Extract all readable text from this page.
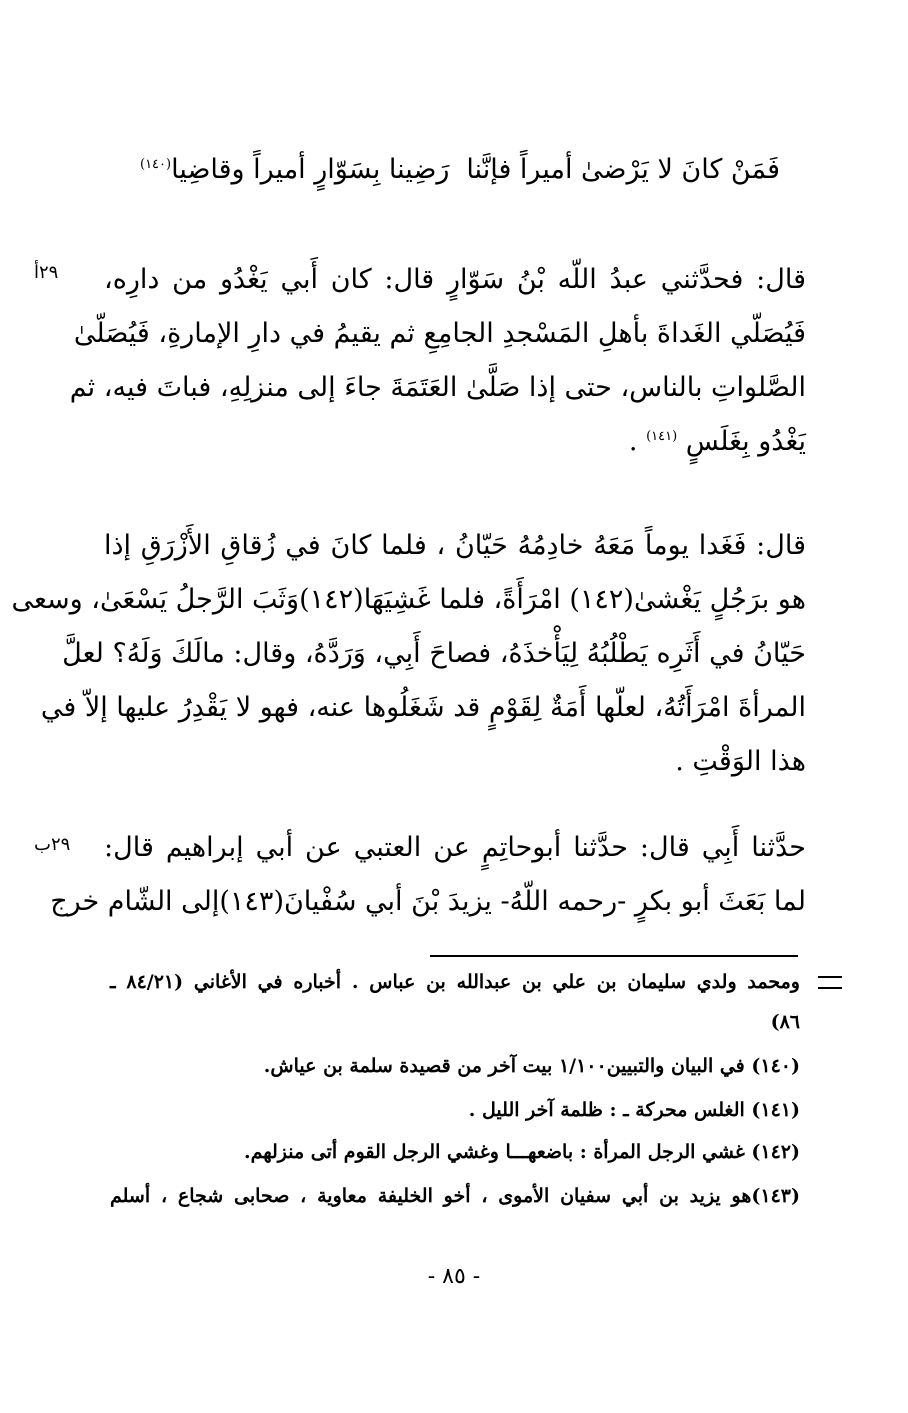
فَمَنْ كانَ لا يَرْضىٰ أميراً فإنَّنا
رَضِينا بِسَوّارٍ أميراً وقاضِيا$^{(١٤٠)}$
٢٩أ	قال: فحدَّثني عبدُ اللّه بْنُ سَوّارٍ قال: كان أَبي يَغْدُو من دارِه،
فَيُصَلّي الغَداةَ بأهلِ المَسْجدِ الجامِعِ ثم يقيمُ في دارِ الإمارةِ، فَيُصَلّىٰ
الصَّلواتِ بالناس، حتى إذا صَلَّىٰ العَتَمَةَ جاءَ إلى منزلِهِ، فباتَ فيه، ثم
يَغْدُو بِغَلَسٍ $^{(١٤١)}$ .
قال: فَغَدا يوماً مَعَهُ خادِمُهُ حَيّانُ ، فلما كانَ في زُقاقِ الأَزْرَقِ إذا
هو برَجُلٍ يَغْشىٰ(١٤٢) امْرَأَةً، فلما غَشِيَهَا(١٤٢)وَثَبَ الرَّجلُ يَسْعَىٰ، وسعى
حَيّانُ في أَثَرِه يَطْلُبُهُ لِيَأْخذَهُ، فصاحَ أَبِي، وَرَدَّهُ، وقال: مالَكَ وَلَهُ؟ لعلَّ
المرأةَ امْرَأَتُهُ، لعلّها أَمَةٌ لِقَوْمٍ قد شَغَلُوها عنه، فهو لا يَقْدِرُ عليها إلاّ في
هذا الوَقْتِ .
٢٩ب	حدَّثنا أَبِي قال: حدَّثنا أبوحاتِمٍ عن العتبي عن أبي إبراهيم قال:
لما بَعَثَ أبو بكرٍ -رحمه اللّهُ- يزيدَ بْنَ أبي سُفْيانَ(١٤٣)إلى الشّام خرج
ومحمد ولدي سليمان بن علي بن عبدالله بن عباس . أخباره في الأغاني (٨٤/٢١ ـ
٨٦)
(١٤٠) في البيان والتبيين١/١٠٠ بيت آخر من قصيدة سلمة بن عياش.
(١٤١) الغلس محركة ـ : ظلمة آخر الليل .
(١٤٢) غشي الرجل المرأة : باضعهـــا وغشي الرجل القوم أتى منزلهم.
(١٤٣)هو يزيد بن أبي سفيان الأموى ، أخو الخليفة معاوية ، صحابى شجاع ، أسلم
- ٨٥ -
